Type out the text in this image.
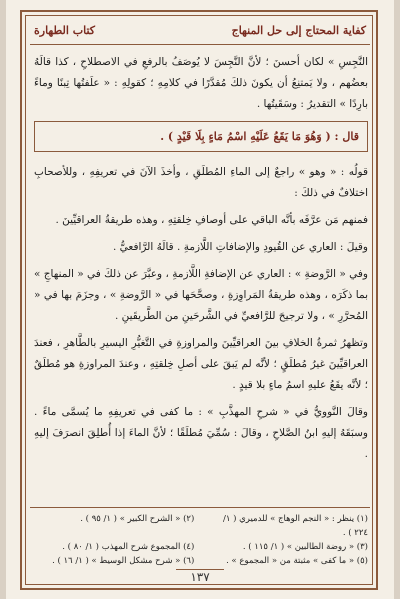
كفاية المحتاج إلى حل المنهاج
كتاب الطهارة

النَّجِسِ » لكان أحسنَ ؛ لأنَّ النَّجِسَ لا يُوصَفُ بالرفعِ في الاصطلاحِ ، كذا قالَهُ بعضُهم ، ولا يَمتنِعُ أن يكونَ ذلكَ مُقدَّرًا في كلامِهِ ؛ كقولِهِ : « علَفتُها تِبنًا وماءً بارِدًا » التقديرُ : وسَقَيتُها .

قال : ( وَهُوَ مَا يَقَعُ عَلَيْهِ اسْمُ مَاءٍ بِلَا قَيْدٍ ) .

قولُه : « وهو » راجعٌ إلى الماءِ المُطلَقِ ، وأخذَ الآنَ في تعريفِهِ ، وللأصحابِ اختلافٌ في ذلكَ :

فمنهم مَن عرَّفَه بأنَّه الباقي على أوصافِ خِلقتِهِ ، وهذه طريقةُ العراقيِّينَ .

وقيلَ : العاري عن القُيودِ والإضافاتِ اللَّازمةِ . قالَهُ الرَّافعيُّ .

وفي « الرَّوضةِ » : العاري عن الإضافةِ اللَّازمةِ ، وعبَّرَ عن ذلكَ في « المنهاجِ » بما ذكَرَه ، وهذه طريقةُ المَراوِزةِ ، وصحَّحَها في « الرَّوضةِ » ، وجزَمَ بها في « المُحرَّرِ » ، ولا ترجيحَ للرَّافعيِّ في الشَّرحَينِ من الطَّريقَينِ .

وتظهرُ ثمرةُ الخلافِ بينَ العراقيِّينَ والمراوزةِ في التَّغيُّرِ اليسيرِ بالطَّاهرِ ، فعندَ العراقيِّينَ غيرُ مُطلَقٍ ؛ لأنَّه لم يَبقَ على أصلِ خِلقتِهِ ، وعندَ المراوزةِ هو مُطلَقٌ ؛ لأنَّه يقَعُ عليهِ اسمُ ماءٍ بلا قيدٍ .

وقالَ النَّوويُّ في « شرحِ المهذَّبِ » : ما كفى في تعريفِهِ ما يُسمَّى ماءً . وسبَقَهُ إليهِ ابنُ الصَّلاحِ ، وقالَ : سُمِّيَ مُطلَقًا ؛ لأنَّ الماءَ إذا أُطلِقَ انصرَفَ إليهِ .

(١) ينظر : « النجم الوهاج » للدميري ( ١/ ٢٢٤ ) .
(٢) « الشرح الكبير » ( ١/ ٩٥ ) .
(٣) « روضة الطالبين » ( ١/ ١١٥ ) .
(٤) المجموع شرح المهذب ( ١/ ٨٠ ) .
(٥) « ما كفى » مثبتة من « المجموع » .
(٦) « شرح مشكل الوسيط » ( ١/ ١٦ ) .
١٣٧
